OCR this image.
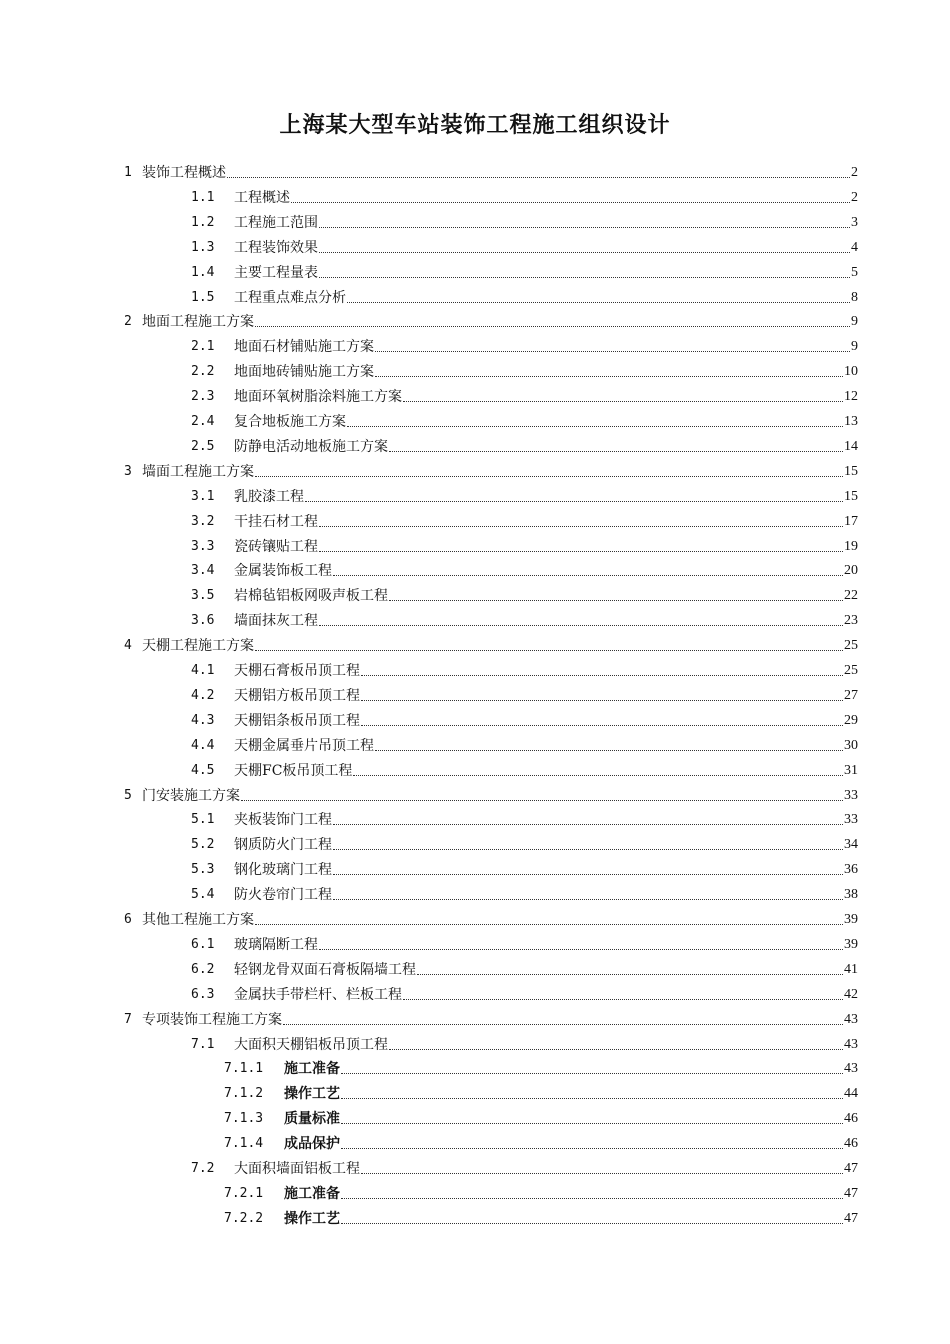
上海某大型车站装饰工程施工组织设计
1 装饰工程概述	2
1.1	工程概述	2
1.2	工程施工范围	3
1.3	工程装饰效果	4
1.4	主要工程量表	5
1.5	工程重点难点分析	8
2 地面工程施工方案	9
2.1	地面石材铺贴施工方案	9
2.2	地面地砖铺贴施工方案	10
2.3	地面环氧树脂涂料施工方案	12
2.4	复合地板施工方案	13
2.5	防静电活动地板施工方案	14
3 墙面工程施工方案	15
3.1	乳胶漆工程	15
3.2	干挂石材工程	17
3.3	瓷砖镶贴工程	19
3.4	金属装饰板工程	20
3.5	岩棉毡铝板网吸声板工程	22
3.6	墙面抹灰工程	23
4 天棚工程施工方案	25
4.1	天棚石膏板吊顶工程	25
4.2	天棚铝方板吊顶工程	27
4.3	天棚铝条板吊顶工程	29
4.4	天棚金属垂片吊顶工程	30
4.5	天棚FC板吊顶工程	31
5 门安装施工方案	33
5.1	夹板装饰门工程	33
5.2	钢质防火门工程	34
5.3	钢化玻璃门工程	36
5.4	防火卷帘门工程	38
6 其他工程施工方案	39
6.1	玻璃隔断工程	39
6.2	轻钢龙骨双面石膏板隔墙工程	41
6.3	金属扶手带栏杆、栏板工程	42
7 专项装饰工程施工方案	43
7.1	大面积天棚铝板吊顶工程	43
7.1.1	施工准备	43
7.1.2	操作工艺	44
7.1.3	质量标准	46
7.1.4	成品保护	46
7.2	大面积墙面铝板工程	47
7.2.1	施工准备	47
7.2.2	操作工艺	47
